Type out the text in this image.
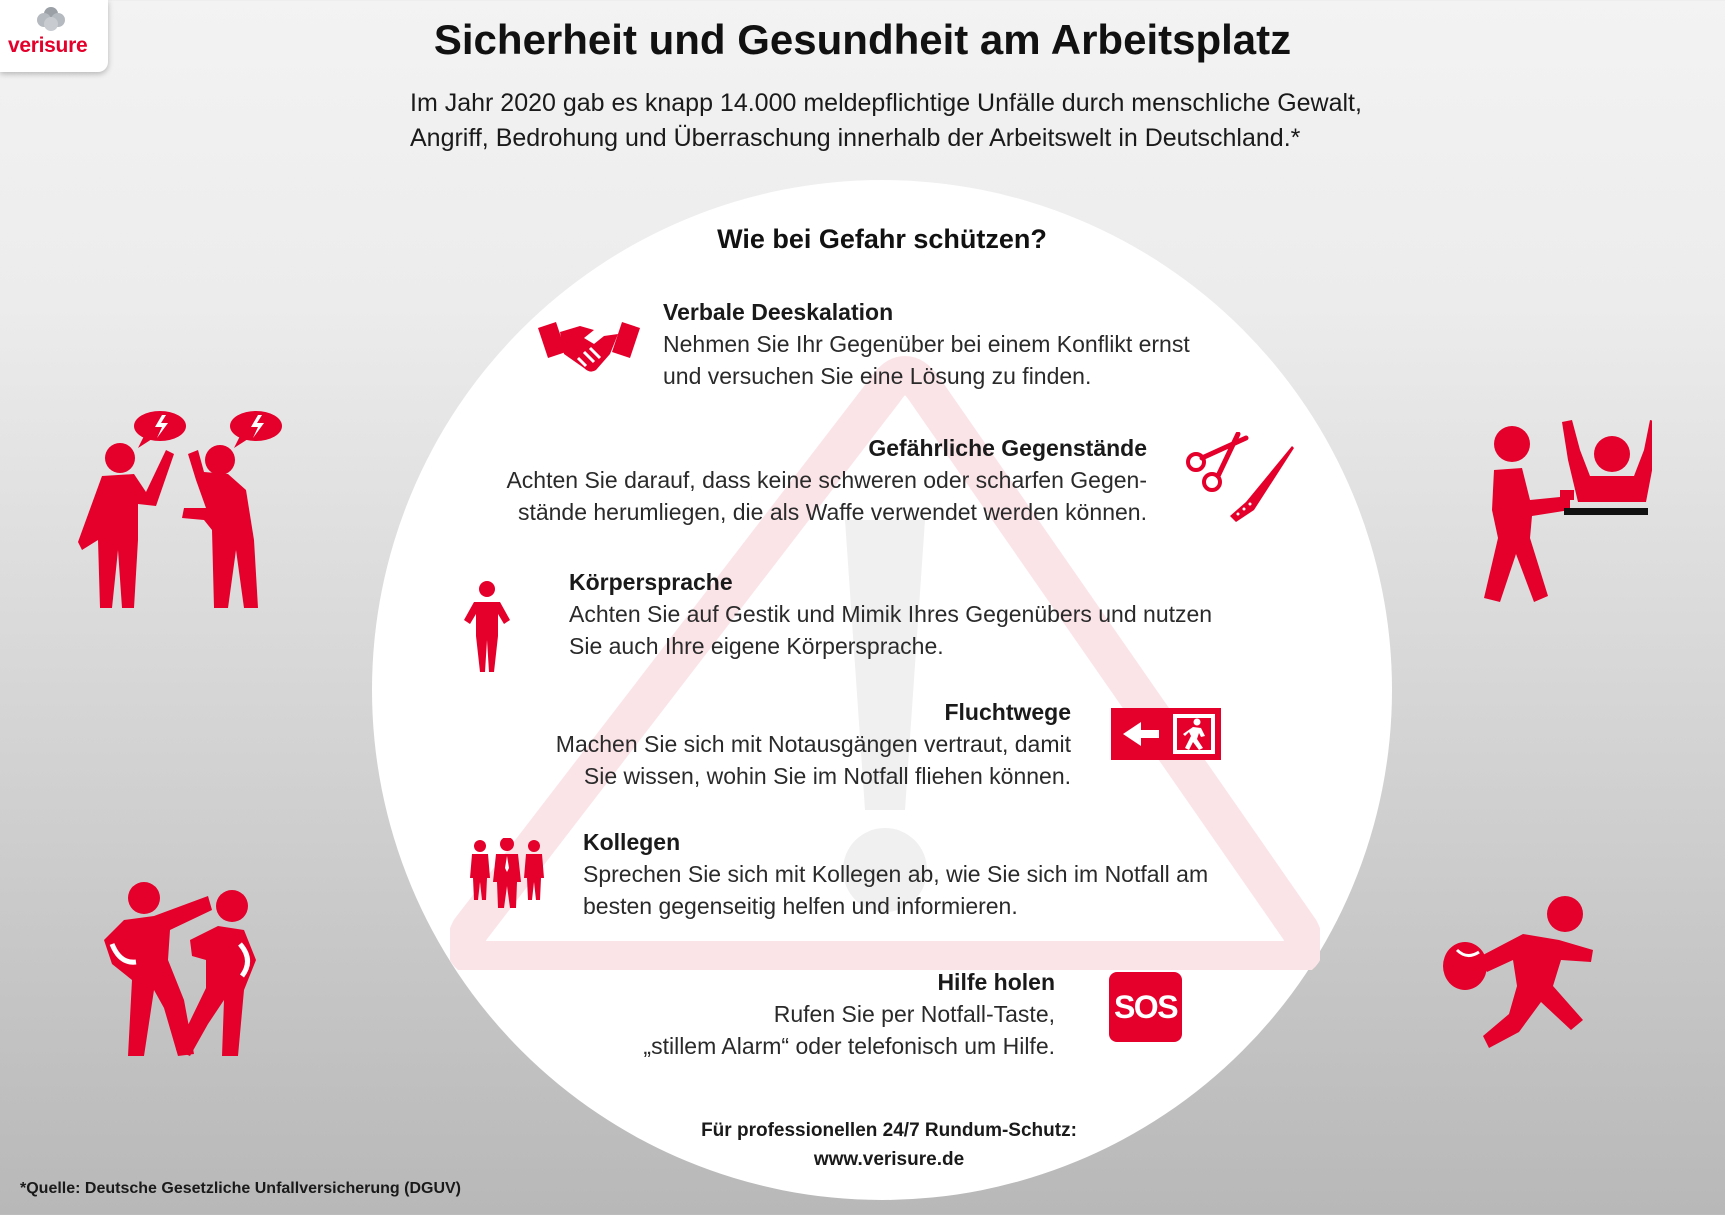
verisure	Sicherheit und Gesundheit am Arbeitsplatz
Im Jahr 2020 gab es knapp 14.000 meldepflichtige Unfälle durch menschliche Gewalt,
Angriff, Bedrohung und Überraschung innerhalb der Arbeitswelt in Deutschland.*
Wie bei Gefahr schützen?
Verbale Deeskalation
Nehmen Sie Ihr Gegenüber bei einem Konflikt ernst
und versuchen Sie eine Lösung zu finden.
Gefährliche Gegenstände
Achten Sie darauf, dass keine schweren oder scharfen Gegen-
stände herumliegen, die als Waffe verwendet werden können.
Körpersprache
Achten Sie auf Gestik und Mimik Ihres Gegenübers und nutzen
Sie auch Ihre eigene Körpersprache.
Fluchtwege
Machen Sie sich mit Notausgängen vertraut, damit
Sie wissen, wohin Sie im Notfall fliehen können.
Kollegen
Sprechen Sie sich mit Kollegen ab, wie Sie sich im Notfall am
besten gegenseitig helfen und informieren.
Hilfe holen
Rufen Sie per Notfall-Taste,
„stillem Alarm“ oder telefonisch um Hilfe.
SOS
Für professionellen 24/7 Rundum-Schutz:
www.verisure.de
*Quelle: Deutsche Gesetzliche Unfallversicherung (DGUV)
